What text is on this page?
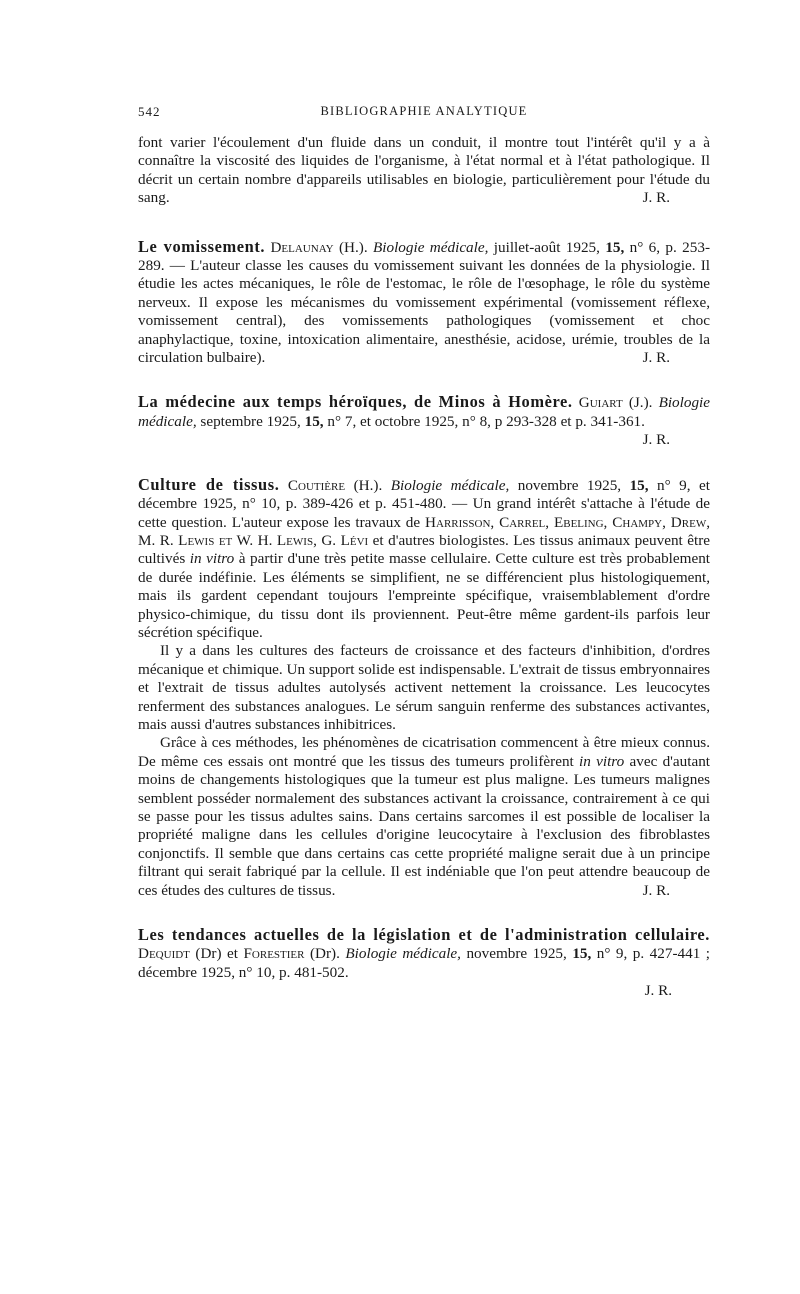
542	BIBLIOGRAPHIE ANALYTIQUE

font varier l'écoulement d'un fluide dans un conduit, il montre tout l'intérêt qu'il y a à connaître la viscosité des liquides de l'organisme, à l'état normal et à l'état pathologique. Il décrit un certain nombre d'appareils utilisables en biologie, particulièrement pour l'étude du sang.	J. R.

Le vomissement. Delaunay (H.). Biologie médicale, juillet-août 1925, 15, n° 6, p. 253-289. — L'auteur classe les causes du vomissement suivant les données de la physiologie. Il étudie les actes mécaniques, le rôle de l'estomac, le rôle de l'œsophage, le rôle du système nerveux. Il expose les mécanismes du vomissement expérimental (vomissement réflexe, vomissement central), des vomissements pathologiques (vomissement et choc anaphylactique, toxine, intoxication alimentaire, anesthésie, acidose, urémie, troubles de la circulation bulbaire).	J. R.

La médecine aux temps héroïques, de Minos à Homère. Guiart (J.). Biologie médicale, septembre 1925, 15, n° 7, et octobre 1925, n° 8, p 293-328 et p. 341-361.
J. R.

Culture de tissus. Coutière (H.). Biologie médicale, novembre 1925, 15, n° 9, et décembre 1925, n° 10, p. 389-426 et p. 451-480. — Un grand intérêt s'attache à l'étude de cette question. L'auteur expose les travaux de Harrisson, Carrel, Ebeling, Champy, Drew, M. R. Lewis et W. H. Lewis, G. Lévi et d'autres biologistes. Les tissus animaux peuvent être cultivés in vitro à partir d'une très petite masse cellulaire. Cette culture est très probablement de durée indéfinie. Les éléments se simplifient, ne se différencient plus histologiquement, mais ils gardent cependant toujours l'empreinte spécifique, vraisemblablement d'ordre physico-chimique, du tissu dont ils proviennent. Peut-être même gardent-ils parfois leur sécrétion spécifique.

Il y a dans les cultures des facteurs de croissance et des facteurs d'inhibition, d'ordres mécanique et chimique. Un support solide est indispensable. L'extrait de tissus embryonnaires et l'extrait de tissus adultes autolysés activent nettement la croissance. Les leucocytes renferment des substances analogues. Le sérum sanguin renferme des substances activantes, mais aussi d'autres substances inhibitrices.

Grâce à ces méthodes, les phénomènes de cicatrisation commencent à être mieux connus. De même ces essais ont montré que les tissus des tumeurs prolifèrent in vitro avec d'autant moins de changements histologiques que la tumeur est plus maligne. Les tumeurs malignes semblent posséder normalement des substances activant la croissance, contrairement à ce qui se passe pour les tissus adultes sains. Dans certains sarcomes il est possible de localiser la propriété maligne dans les cellules d'origine leucocytaire à l'exclusion des fibroblastes conjonctifs. Il semble que dans certains cas cette propriété maligne serait due à un principe filtrant qui serait fabriqué par la cellule. Il est indéniable que l'on peut attendre beaucoup de ces études des cultures de tissus.	J. R.

Les tendances actuelles de la législation et de l'administration cellulaire. Dequidt (Dr) et Forestier (Dr). Biologie médicale, novembre 1925, 15, n° 9, p. 427-441 ; décembre 1925, n° 10, p. 481-502.

J. R.
